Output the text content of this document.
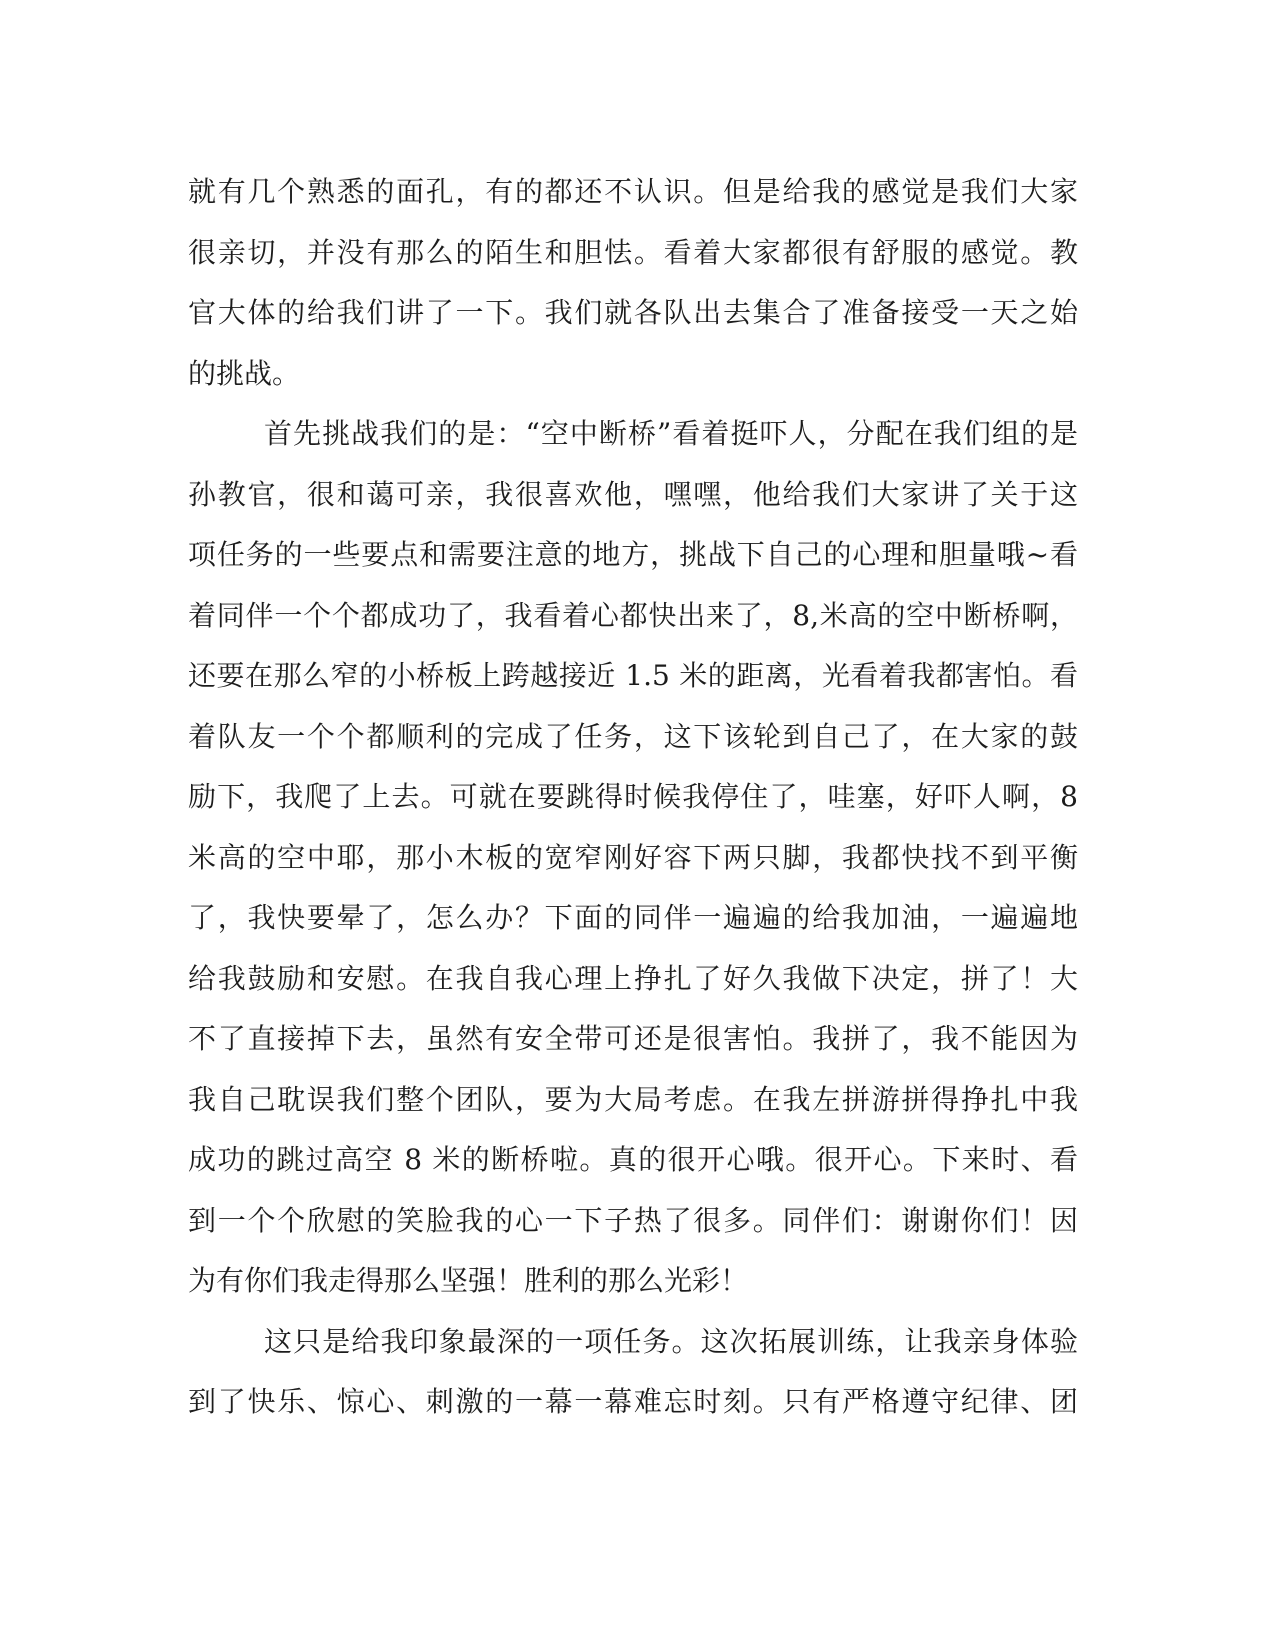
就有几个熟悉的面孔，有的都还不认识。但是给我的感觉是我们大家
很亲切，并没有那么的陌生和胆怯。看着大家都很有舒服的感觉。教
官大体的给我们讲了一下。我们就各队出去集合了准备接受一天之始
的挑战。
首先挑战我们的是：“空中断桥”看着挺吓人，分配在我们组的是
孙教官，很和蔼可亲，我很喜欢他，嘿嘿，他给我们大家讲了关于这
项任务的一些要点和需要注意的地方，挑战下自己的心理和胆量哦~看
着同伴一个个都成功了，我看着心都快出来了，8,米高的空中断桥啊，
还要在那么窄的小桥板上跨越接近 1.5 米的距离，光看着我都害怕。看
着队友一个个都顺利的完成了任务，这下该轮到自己了，在大家的鼓
励下，我爬了上去。可就在要跳得时候我停住了，哇塞，好吓人啊，8
米高的空中耶，那小木板的宽窄刚好容下两只脚，我都快找不到平衡
了，我快要晕了，怎么办？下面的同伴一遍遍的给我加油，一遍遍地
给我鼓励和安慰。在我自我心理上挣扎了好久我做下决定，拼了！大
不了直接掉下去，虽然有安全带可还是很害怕。我拼了，我不能因为
我自己耽误我们整个团队，要为大局考虑。在我左拼游拼得挣扎中我
成功的跳过高空 8 米的断桥啦。真的很开心哦。很开心。下来时、看
到一个个欣慰的笑脸我的心一下子热了很多。同伴们：谢谢你们！因
为有你们我走得那么坚强！胜利的那么光彩！
这只是给我印象最深的一项任务。这次拓展训练，让我亲身体验
到了快乐、惊心、刺激的一幕一幕难忘时刻。只有严格遵守纪律、团
